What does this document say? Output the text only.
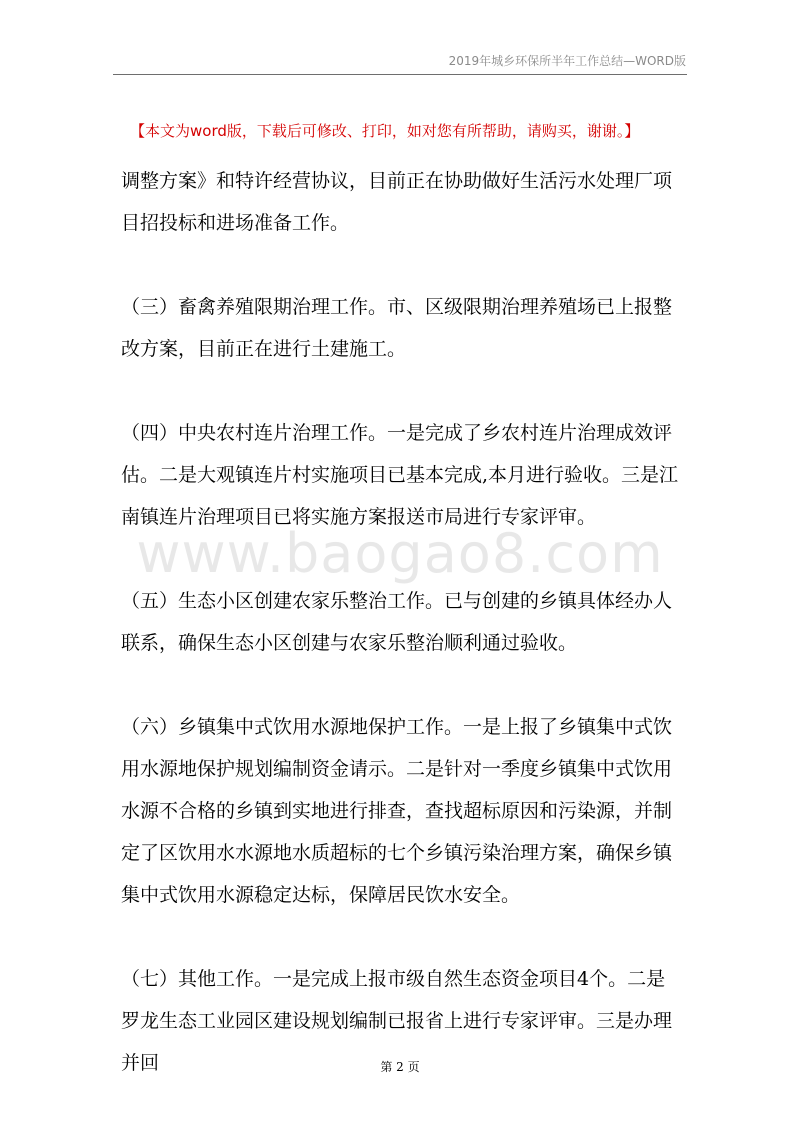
2019年城乡环保所半年工作总结—WORD版
【本文为word版，下载后可修改、打印，如对您有所帮助，请购买，谢谢。】

调整方案》和特许经营协议，目前正在协助做好生活污水处理厂项目招投标和进场准备工作。

（三）畜禽养殖限期治理工作。市、区级限期治理养殖场已上报整改方案，目前正在进行土建施工。

（四）中央农村连片治理工作。一是完成了乡农村连片治理成效评估。二是大观镇连片村实施项目已基本完成,本月进行验收。三是江南镇连片治理项目已将实施方案报送市局进行专家评审。

（五）生态小区创建农家乐整治工作。已与创建的乡镇具体经办人联系，确保生态小区创建与农家乐整治顺利通过验收。

（六）乡镇集中式饮用水源地保护工作。一是上报了乡镇集中式饮用水源地保护规划编制资金请示。二是针对一季度乡镇集中式饮用水源不合格的乡镇到实地进行排查，查找超标原因和污染源，并制定了区饮用水水源地水质超标的七个乡镇污染治理方案，确保乡镇集中式饮用水源稳定达标，保障居民饮水安全。

（七）其他工作。一是完成上报市级自然生态资金项目4个。二是罗龙生态工业园区建设规划编制已报省上进行专家评审。三是办理并回

www.baogao8.com
第 2 页
